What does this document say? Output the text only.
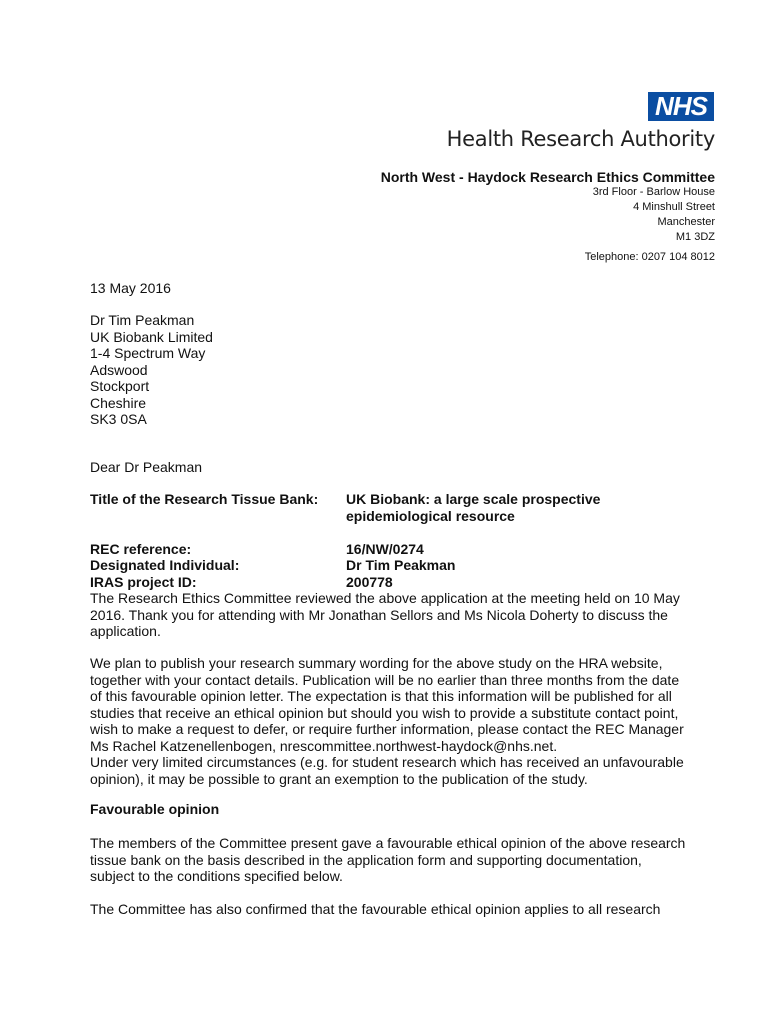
NHS
Health Research Authority
North West - Haydock Research Ethics Committee
3rd Floor - Barlow House
4 Minshull Street
Manchester
M1 3DZ
Telephone: 0207 104 8012
13 May 2016
Dr Tim Peakman
UK Biobank Limited
1-4 Spectrum Way
Adswood
Stockport
Cheshire
SK3 0SA
Dear Dr Peakman
Title of the Research Tissue Bank:	UK Biobank: a large scale prospective epidemiological resource
REC reference:	16/NW/0274
Designated Individual:	Dr Tim Peakman
IRAS project ID:	200778
The Research Ethics Committee reviewed the above application at the meeting held on 10 May 2016. Thank you for attending with Mr Jonathan Sellors and Ms Nicola Doherty to discuss the application.
We plan to publish your research summary wording for the above study on the HRA website, together with your contact details. Publication will be no earlier than three months from the date of this favourable opinion letter. The expectation is that this information will be published for all studies that receive an ethical opinion but should you wish to provide a substitute contact point, wish to make a request to defer, or require further information, please contact the REC Manager Ms Rachel Katzenellenbogen, nrescommittee.northwest-haydock@nhs.net.
Under very limited circumstances (e.g. for student research which has received an unfavourable opinion), it may be possible to grant an exemption to the publication of the study.
Favourable opinion
The members of the Committee present gave a favourable ethical opinion of the above research tissue bank on the basis described in the application form and supporting documentation, subject to the conditions specified below.
The Committee has also confirmed that the favourable ethical opinion applies to all research
